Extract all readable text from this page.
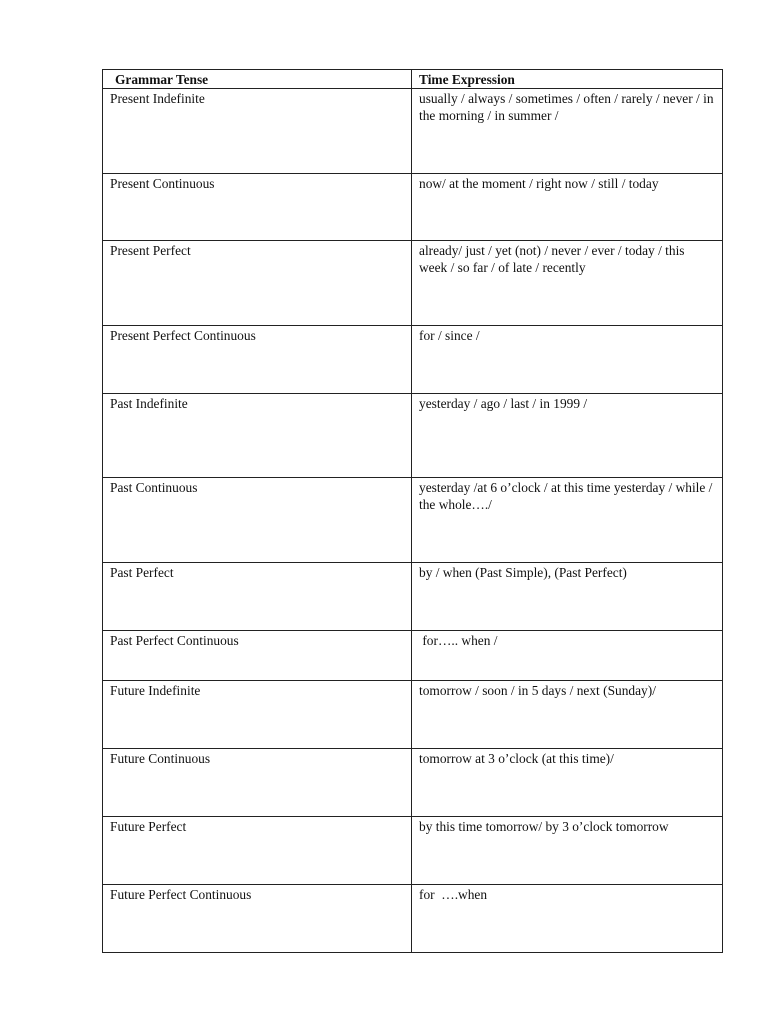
Grammar Tense	Time Expression
Present Indefinite	usually / always / sometimes / often / rarely / never / in the morning / in summer /
Present Continuous	now/ at the moment / right now / still / today
Present Perfect	already/ just / yet (not) / never / ever / today / this week / so far / of late / recently
Present Perfect Continuous	for / since /
Past Indefinite	yesterday / ago / last / in 1999 /
Past Continuous	yesterday /at 6 o’clock / at this time yesterday / while / the whole…./
Past Perfect	by / when (Past Simple), (Past Perfect)
Past Perfect Continuous	for….. when /
Future Indefinite	tomorrow / soon / in 5 days / next (Sunday)/
Future Continuous	tomorrow at 3 o’clock (at this time)/
Future Perfect	by this time tomorrow/ by 3 o’clock tomorrow
Future Perfect Continuous	for  ….when
